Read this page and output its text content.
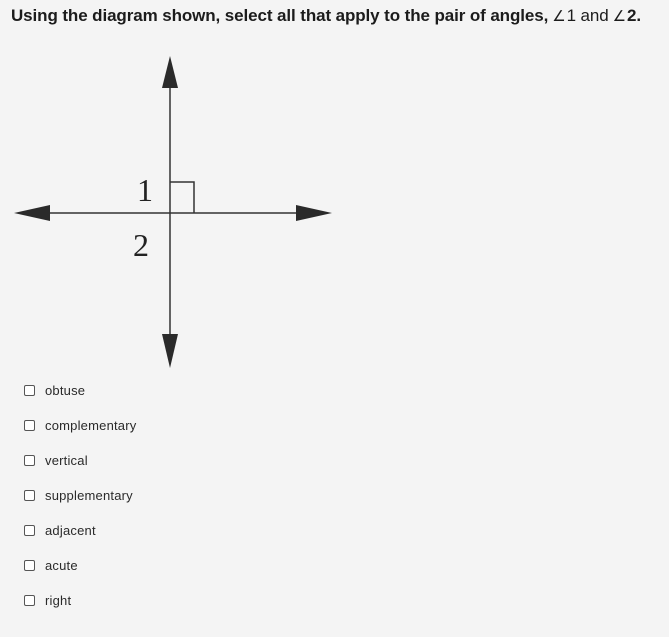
Using the diagram shown, select all that apply to the pair of angles, ∠1 and ∠2.
1
2
obtuse
complementary
vertical
supplementary
adjacent
acute
right
